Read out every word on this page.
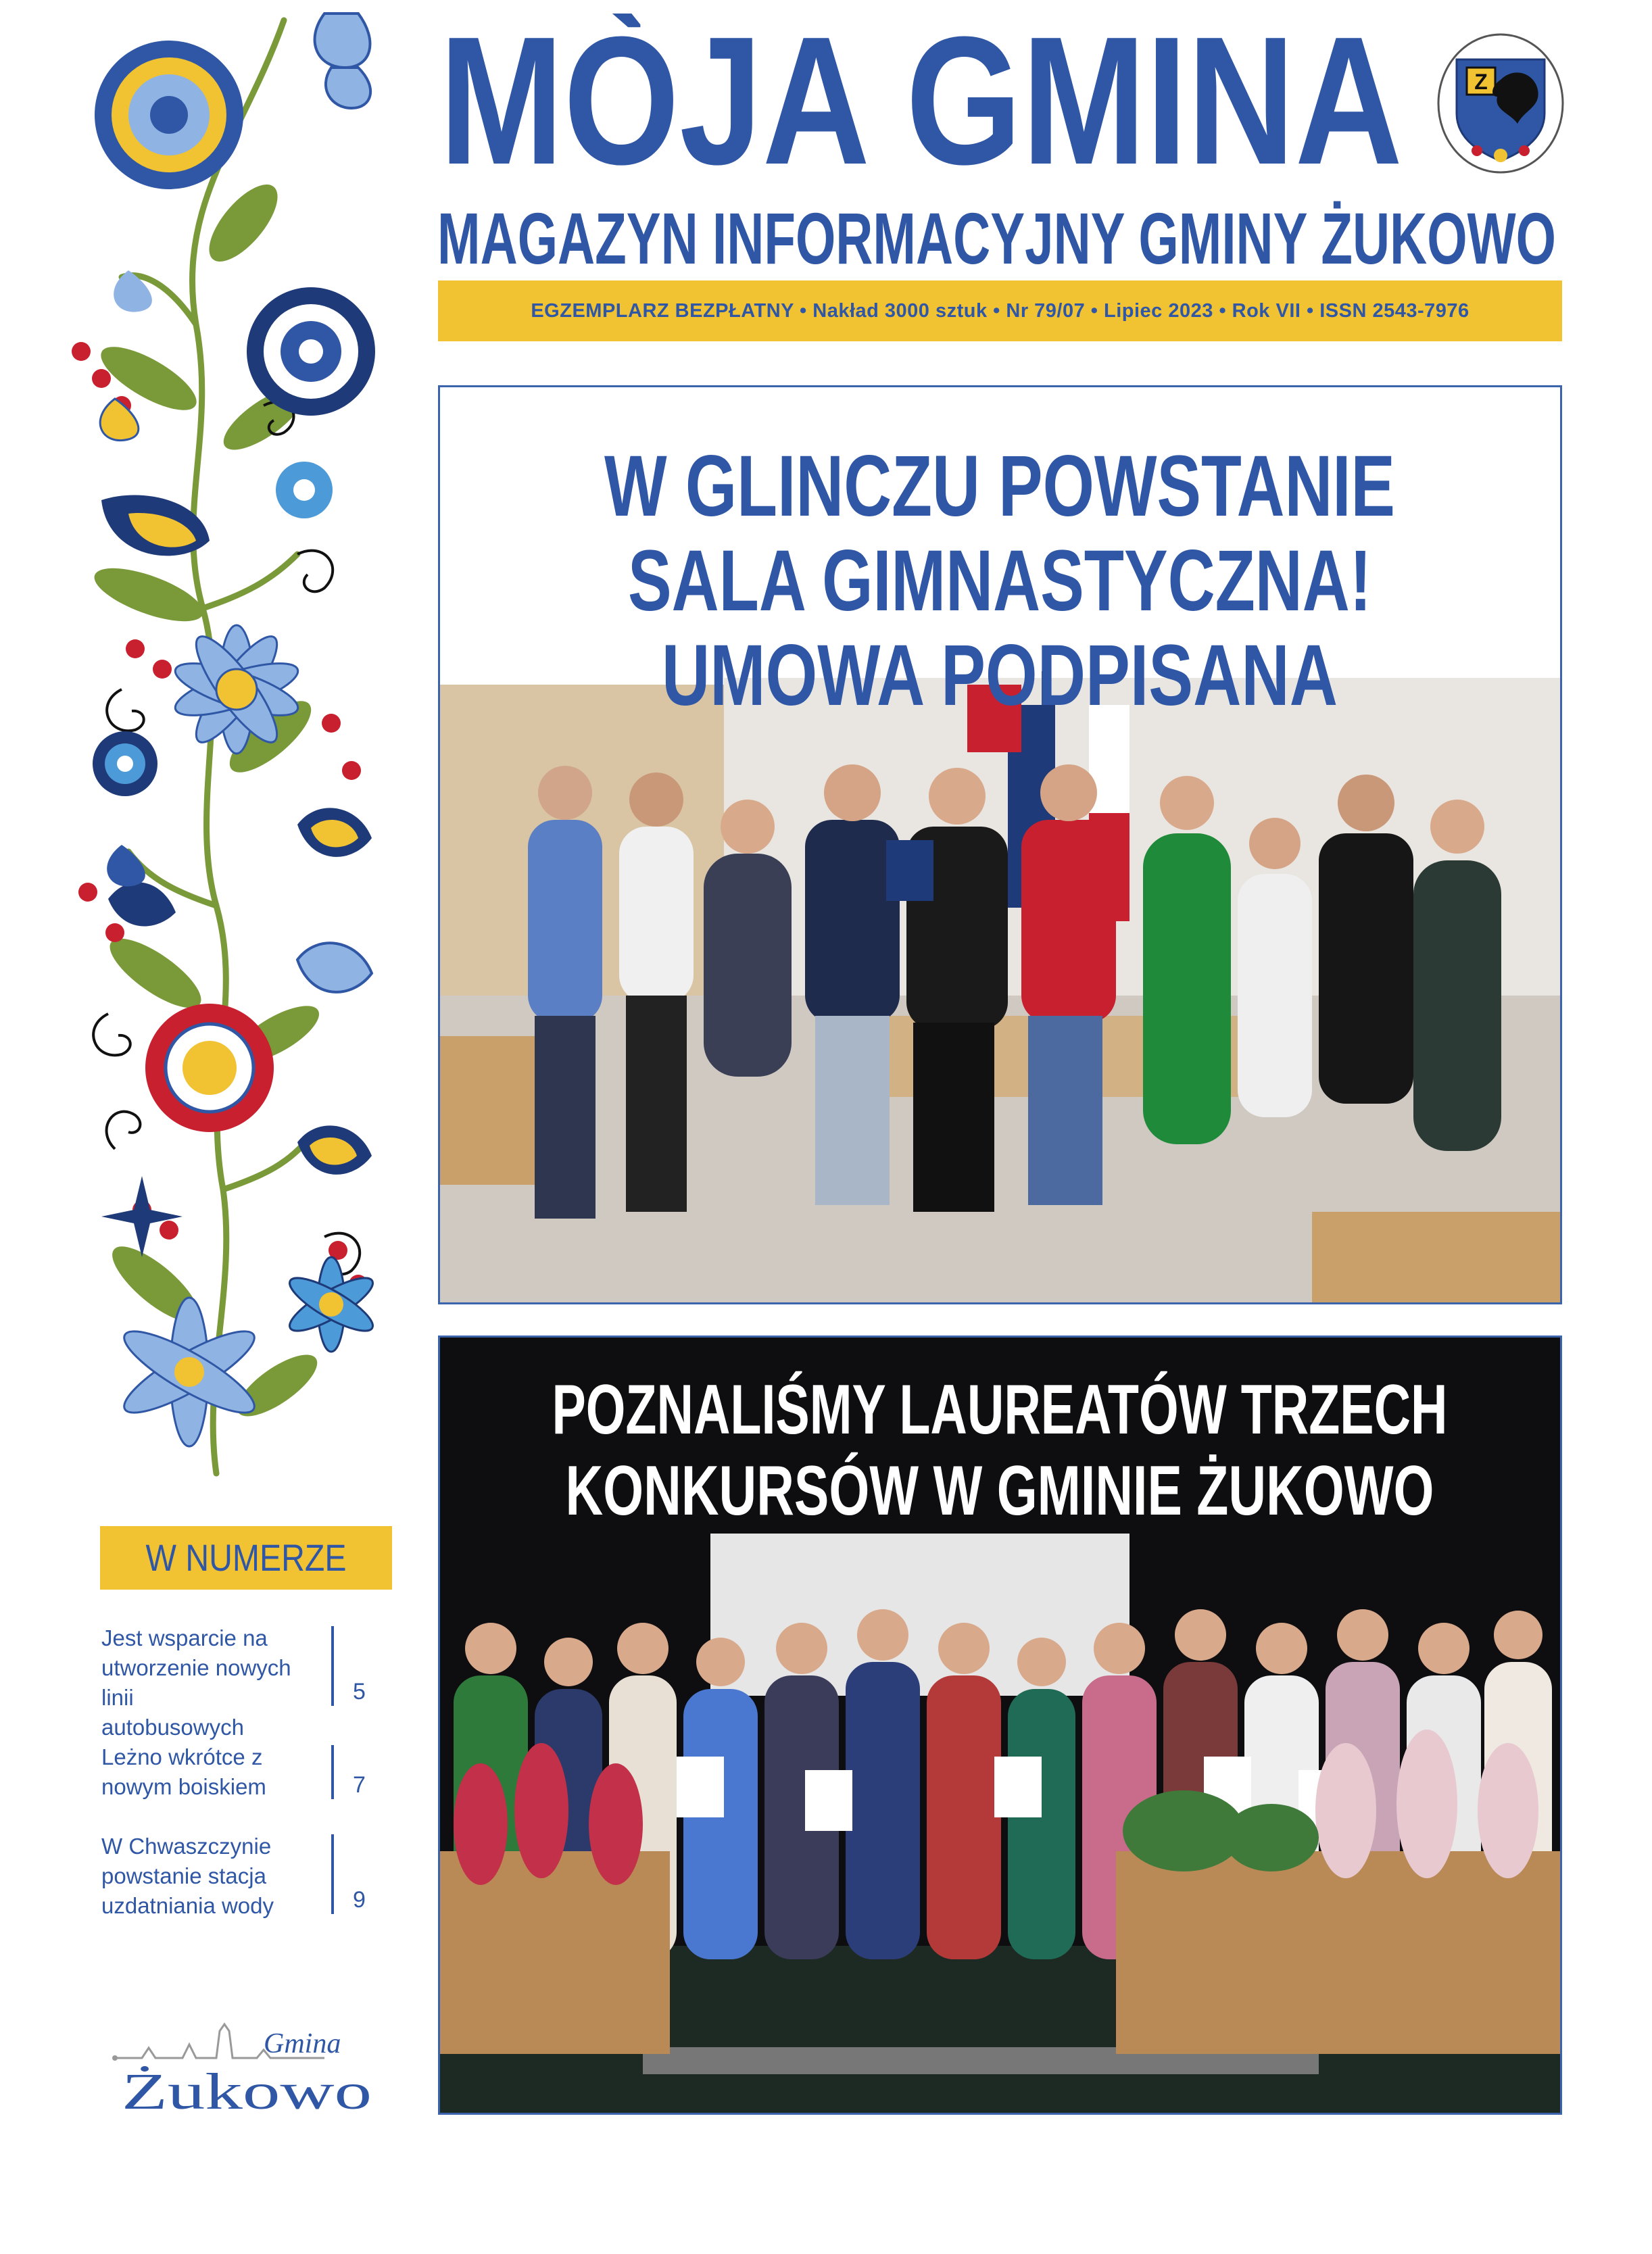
MÒJA GMINA
MAGAZYN INFORMACYJNY GMINY ŻUKOWO
Z
EGZEMPLARZ BEZPŁATNY • Nakład 3000 sztuk • Nr 79/07 • Lipiec 2023 • Rok VII • ISSN 2543-7976
W GLINCZU POWSTANIE
SALA GIMNASTYCZNA!
UMOWA PODPISANA
POZNALIŚMY LAUREATÓW TRZECH
KONKURSÓW W GMINIE ŻUKOWO
W NUMERZE
Jest wsparcie na
utworzenie nowych linii
autobusowych
5
Leżno wkrótce z
nowym boiskiem	7
W Chwaszczynie
powstanie stacja
uzdatniania wody	9
Gmina
Żukowo
